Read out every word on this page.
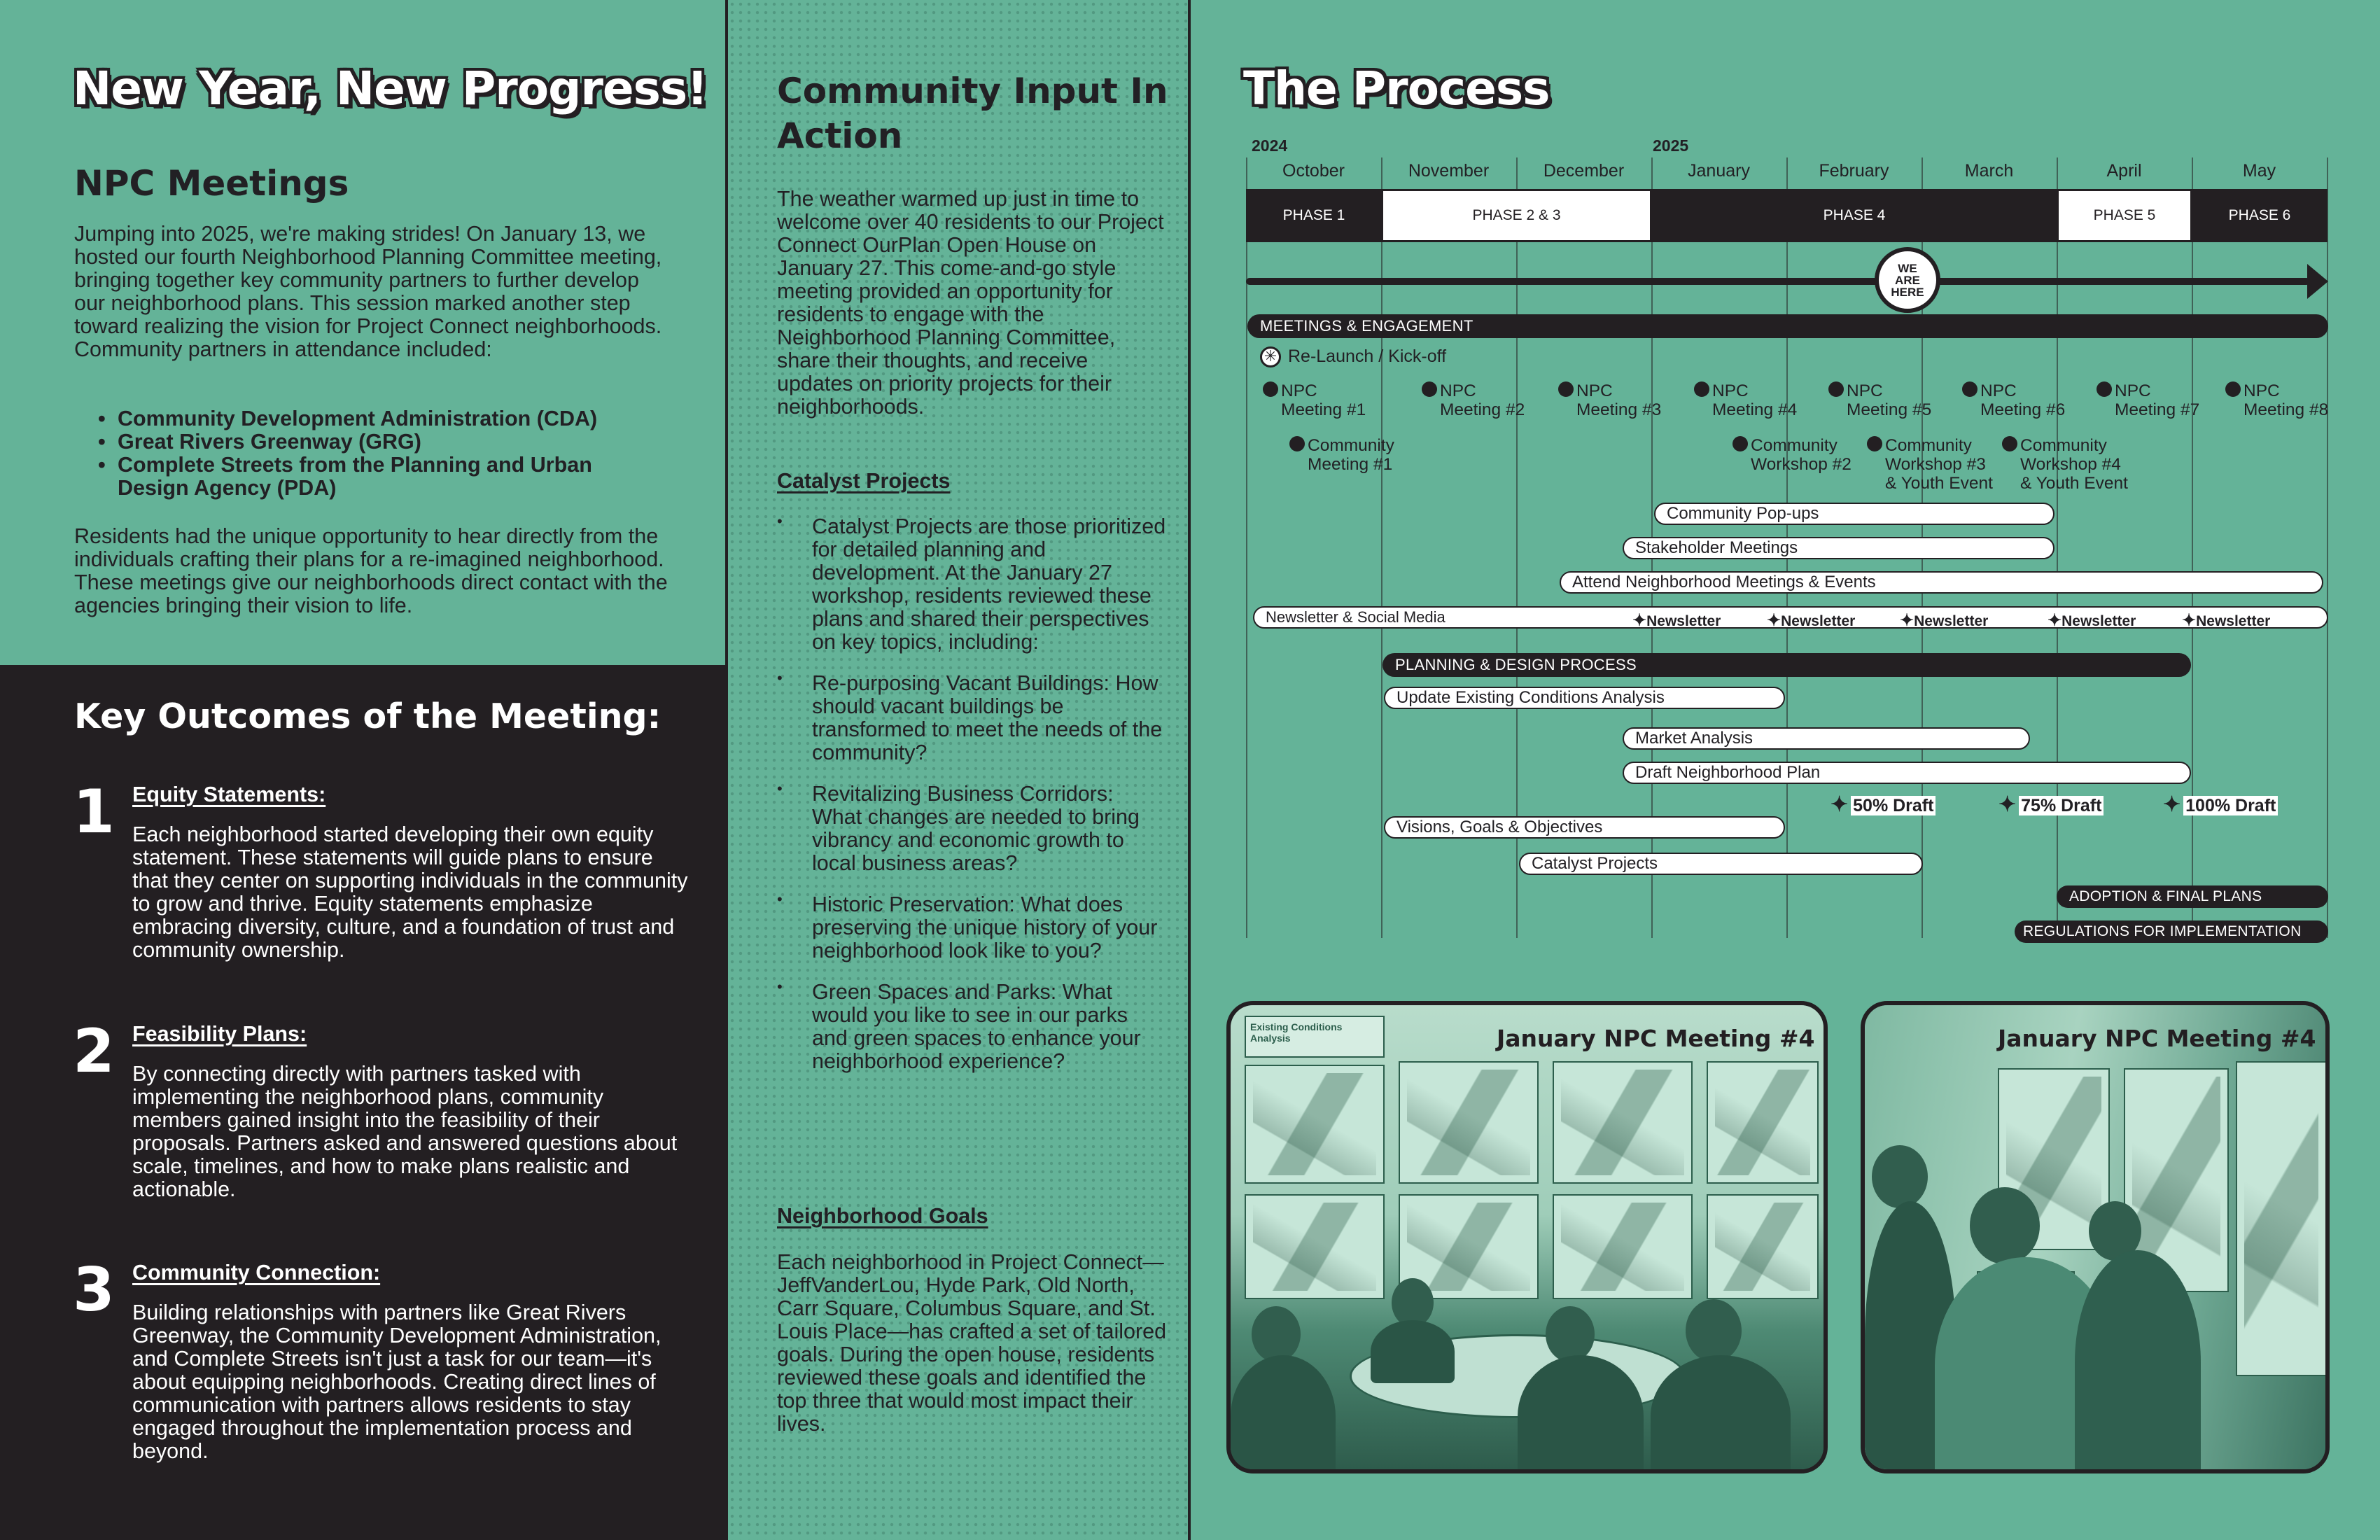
New Year, New Progress!
NPC Meetings

Jumping into 2025, we're making strides! On January 13, we hosted our fourth Neighborhood Planning Committee meeting, bringing together key community partners to further develop our neighborhood plans. This session marked another step toward realizing the vision for Project Connect neighborhoods. Community partners in attendance included:

• Community Development Administration (CDA)
• Great Rivers Greenway (GRG)
• Complete Streets from the Planning and Urban Design Agency (PDA)

Residents had the unique opportunity to hear directly from the individuals crafting their plans for a re-imagined neighborhood. These meetings give our neighborhoods direct contact with the agencies bringing their vision to life.

Key Outcomes of the Meeting:
1 Equity Statements:
Each neighborhood started developing their own equity statement. These statements will guide plans to ensure that they center on supporting individuals in the community to grow and thrive. Equity statements emphasize embracing diversity, culture, and a foundation of trust and community ownership.
2 Feasibility Plans:
By connecting directly with partners tasked with implementing the neighborhood plans, community members gained insight into the feasibility of their proposals. Partners asked and answered questions about scale, timelines, and how to make plans realistic and actionable.
3 Community Connection:
Building relationships with partners like Great Rivers Greenway, the Community Development Administration, and Complete Streets isn't just a task for our team—it's about equipping neighborhoods. Creating direct lines of communication with partners allows residents to stay engaged throughout the implementation process and beyond.
Community Input In Action

The weather warmed up just in time to welcome over 40 residents to our Project Connect OurPlan Open House on January 27. This come-and-go style meeting provided an opportunity for residents to engage with the Neighborhood Planning Committee, share their thoughts, and receive updates on priority projects for their neighborhoods.

Catalyst Projects
• Catalyst Projects are those prioritized for detailed planning and development. At the January 27 workshop, residents reviewed these plans and shared their perspectives on key topics, including:
• Re-purposing Vacant Buildings: How should vacant buildings be transformed to meet the needs of the community?
• Revitalizing Business Corridors: What changes are needed to bring vibrancy and economic growth to local business areas?
• Historic Preservation: What does preserving the unique history of your neighborhood look like to you?
• Green Spaces and Parks: What would you like to see in our parks and green spaces to enhance your neighborhood experience?
Neighborhood Goals

Each neighborhood in Project Connect—JeffVanderLou, Hyde Park, Old North, Carr Square, Columbus Square, and St. Louis Place—has crafted a set of tailored goals. During the open house, residents reviewed these goals and identified the top three that would most impact their lives.

The Process
2024	2025
October	November	December	January	February	March	April	May
PHASE 1	PHASE 2 & 3	PHASE 4	PHASE 5	PHASE 6
WE
ARE
HERE
MEETINGS & ENGAGEMENT
✳ Re-Launch / Kick-off
NPC
Meeting #1
NPC
Meeting #2
NPC
Meeting #3
NPC
Meeting #4
NPC
Meeting #5
NPC
Meeting #6
NPC
Meeting #7
NPC
Meeting #8
Community
Meeting #1
Community
Workshop #2
Community
Workshop #3
& Youth Event
Community
Workshop #4
& Youth Event
Community Pop-ups
Stakeholder Meetings
Attend Neighborhood Meetings & Events
Newsletter & Social Media	✦Newsletter	✦Newsletter	✦Newsletter	✦Newsletter	✦Newsletter
PLANNING & DESIGN PROCESS
Update Existing Conditions Analysis
Market Analysis
Draft Neighborhood Plan
✦ 50% Draft	✦ 75% Draft	✦ 100% Draft
Visions, Goals & Objectives
Catalyst Projects
ADOPTION & FINAL PLANS
REGULATIONS FOR IMPLEMENTATION
January NPC Meeting #4
Existing Conditions Analysis	January NPC Meeting #4
